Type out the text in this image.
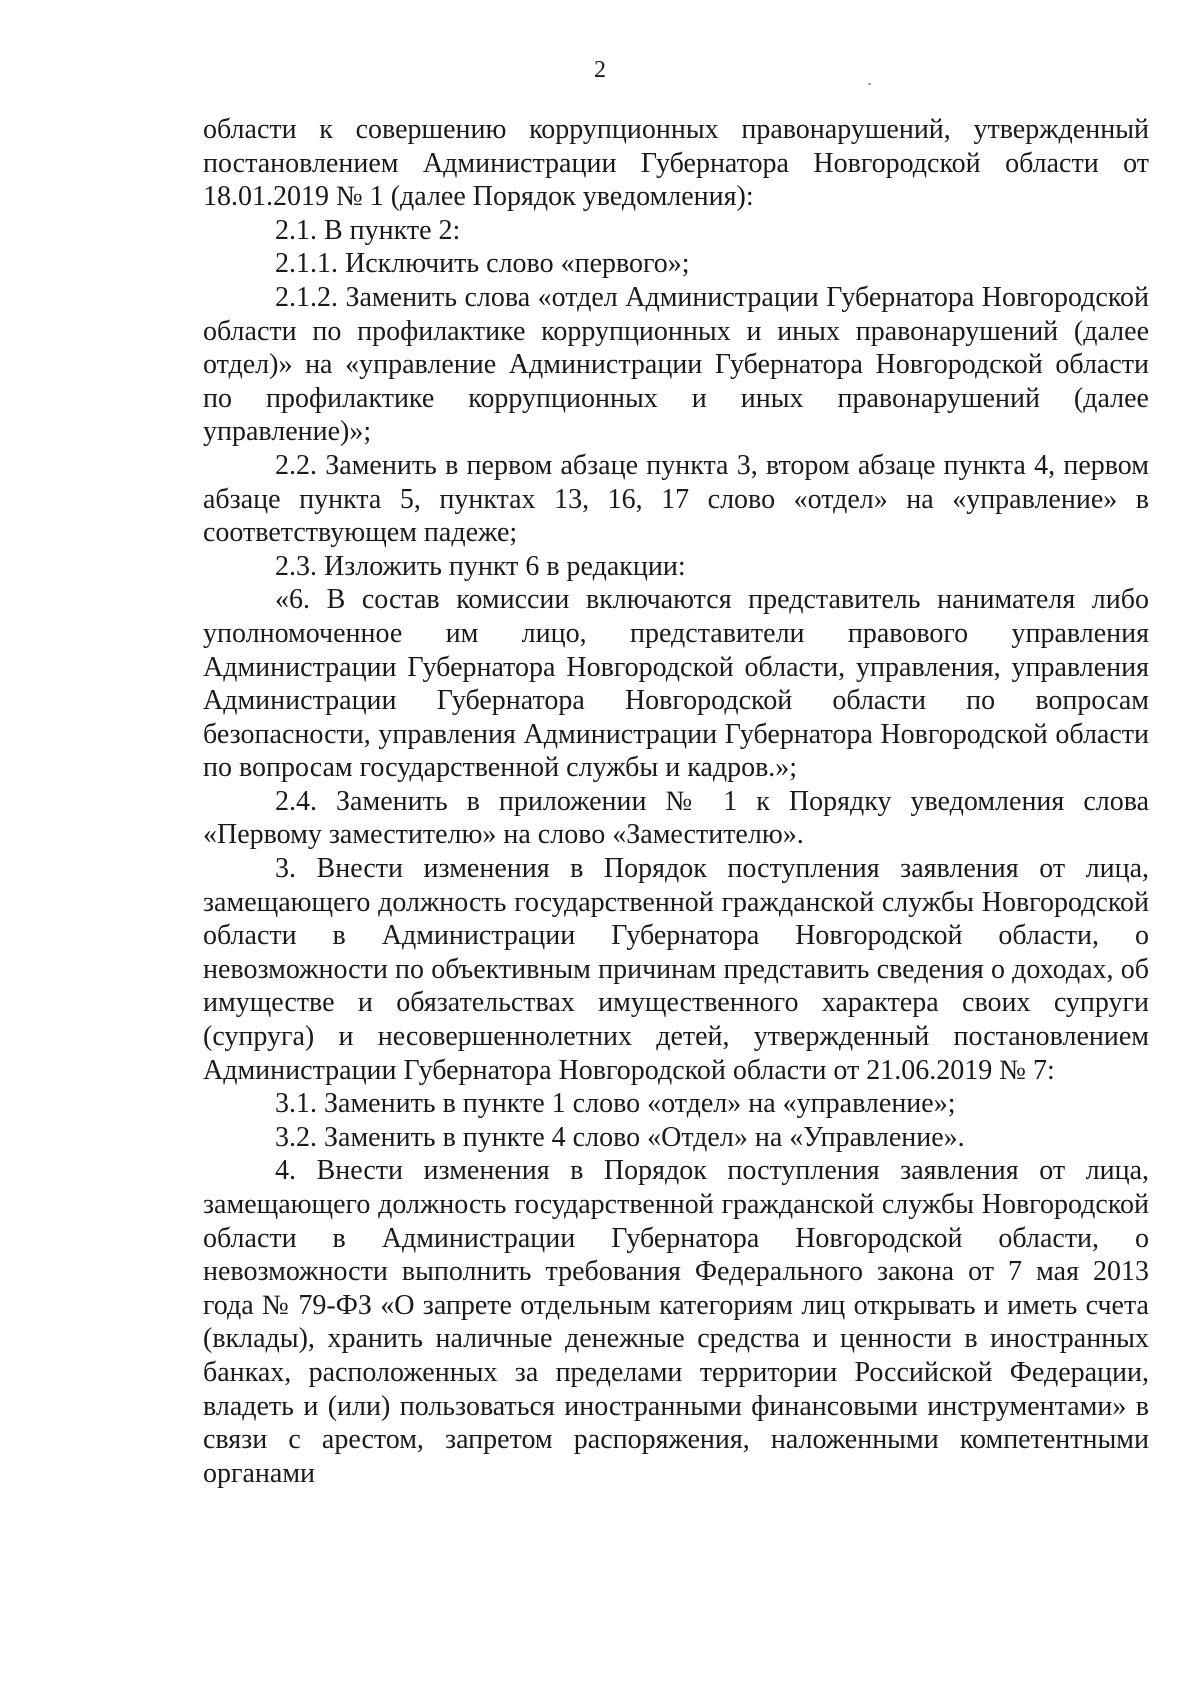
2

области к совершению коррупционных правонарушений, утвержденный постановлением Администрации Губернатора Новгородской области от 18.01.2019 № 1 (далее Порядок уведомления):

2.1. В пункте 2:

2.1.1. Исключить слово «первого»;

2.1.2. Заменить слова «отдел Администрации Губернатора Новгородской области по профилактике коррупционных и иных правонарушений (далее отдел)» на «управление Администрации Губернатора Новгородской области по профилактике коррупционных и иных правонарушений (далее управление)»;

2.2. Заменить в первом абзаце пункта 3, втором абзаце пункта 4, первом абзаце пункта 5, пунктах 13, 16, 17 слово «отдел» на «управление» в соответствующем падеже;

2.3. Изложить пункт 6 в редакции:

«6. В состав комиссии включаются представитель нанимателя либо уполномоченное им лицо, представители правового управления Администрации Губернатора Новгородской области, управления, управления Администрации Губернатора Новгородской области по вопросам безопасности, управления Администрации Губернатора Новгородской области по вопросам государственной службы и кадров.»;

2.4. Заменить в приложении № 1 к Порядку уведомления слова «Первому заместителю» на слово «Заместителю».

3. Внести изменения в Порядок поступления заявления от лица, замещающего должность государственной гражданской службы Новгородской области в Администрации Губернатора Новгородской области, о невозможности по объективным причинам представить сведения о доходах, об имуществе и обязательствах имущественного характера своих супруги (супруга) и несовершеннолетних детей, утвержденный постановлением Администрации Губернатора Новгородской области от 21.06.2019 № 7:

3.1. Заменить в пункте 1 слово «отдел» на «управление»;

3.2. Заменить в пункте 4 слово «Отдел» на «Управление».

4. Внести изменения в Порядок поступления заявления от лица, замещающего должность государственной гражданской службы Новгородской области в Администрации Губернатора Новгородской области, о невозможности выполнить требования Федерального закона от 7 мая 2013 года № 79-ФЗ «О запрете отдельным категориям лиц открывать и иметь счета (вклады), хранить наличные денежные средства и ценности в иностранных банках, расположенных за пределами территории Российской Федерации, владеть и (или) пользоваться иностранными финансовыми инструментами» в связи с арестом, запретом распоряжения, наложенными компетентными органами
